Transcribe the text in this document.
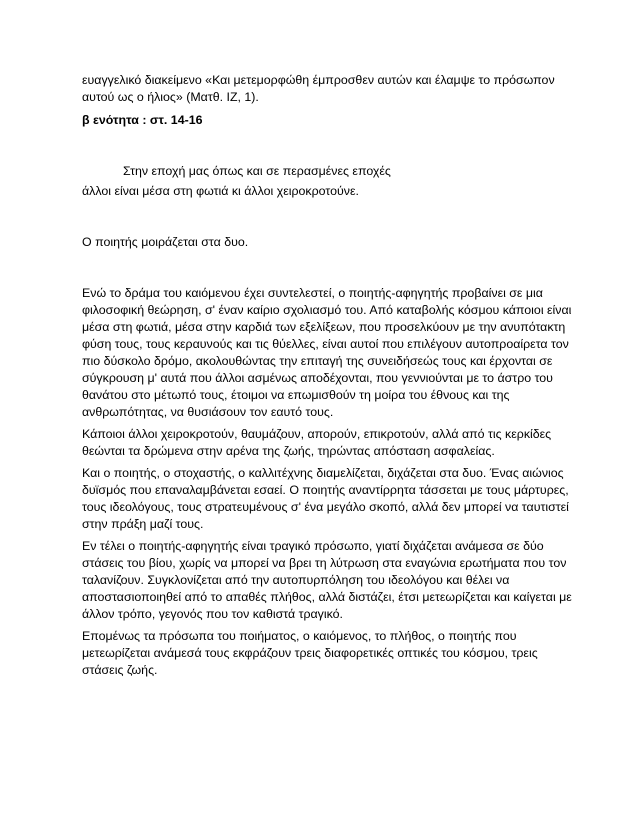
ευαγγελικό διακείμενο «Και μετεμορφώθη έμπροσθεν αυτών και έλαμψε το πρόσωπον αυτού ως ο ήλιος» (Ματθ. ΙΖ, 1).

β ενότητα : στ. 14-16

Στην εποχή μας όπως και σε περασμένες εποχές

άλλοι είναι μέσα στη φωτιά κι άλλοι χειροκροτούνε.

Ο ποιητής μοιράζεται στα δυο.

Ενώ το δράμα του καιόμενου έχει συντελεστεί, ο ποιητής-αφηγητής προβαίνει σε μια φιλοσοφική θεώρηση, σ' έναν καίριο σχολιασμό του. Από καταβολής κόσμου κάποιοι είναι μέσα στη φωτιά, μέσα στην καρδιά των εξελίξεων, που προσελκύουν με την ανυπότακτη φύση τους, τους κεραυνούς και τις θύελλες, είναι αυτοί που επιλέγουν αυτοπροαίρετα τον πιο δύσκολο δρόμο, ακολουθώντας την επιταγή της συνειδήσεώς τους και έρχονται σε σύγκρουση μ' αυτά που άλλοι ασμένως αποδέχονται, που γεννιούνται με το άστρο του θανάτου στο μέτωπό τους, έτοιμοι να επωμισθούν τη μοίρα του έθνους και της ανθρωπότητας, να θυσιάσουν τον εαυτό τους.

Κάποιοι άλλοι χειροκροτούν, θαυμάζουν, απορούν, επικροτούν, αλλά από τις κερκίδες θεώνται τα δρώμενα στην αρένα της ζωής, τηρώντας απόσταση ασφαλείας.

Και ο ποιητής, ο στοχαστής, ο καλλιτέχνης διαμελίζεται, διχάζεται στα δυο. Ένας αιώνιος δυϊσμός που επαναλαμβάνεται εσαεί. Ο ποιητής αναντίρρητα τάσσεται με τους μάρτυρες, τους ιδεολόγους, τους στρατευμένους σ' ένα μεγάλο σκοπό, αλλά δεν μπορεί να ταυτιστεί στην πράξη μαζί τους.

Εν τέλει ο ποιητής-αφηγητής είναι τραγικό πρόσωπο, γιατί διχάζεται ανάμεσα σε δύο στάσεις του βίου, χωρίς να μπορεί να βρει τη λύτρωση στα εναγώνια ερωτήματα που τον ταλανίζουν. Συγκλονίζεται από την αυτοπυρπόληση του ιδεολόγου και θέλει να αποστασιοποιηθεί από το απαθές πλήθος, αλλά διστάζει, έτσι μετεωρίζεται και καίγεται με άλλον τρόπο, γεγονός που τον καθιστά τραγικό.

Επομένως τα πρόσωπα του ποιήματος, ο καιόμενος, το πλήθος, ο ποιητής που μετεωρίζεται ανάμεσά τους εκφράζουν τρεις διαφορετικές οπτικές του κόσμου, τρεις στάσεις ζωής.
